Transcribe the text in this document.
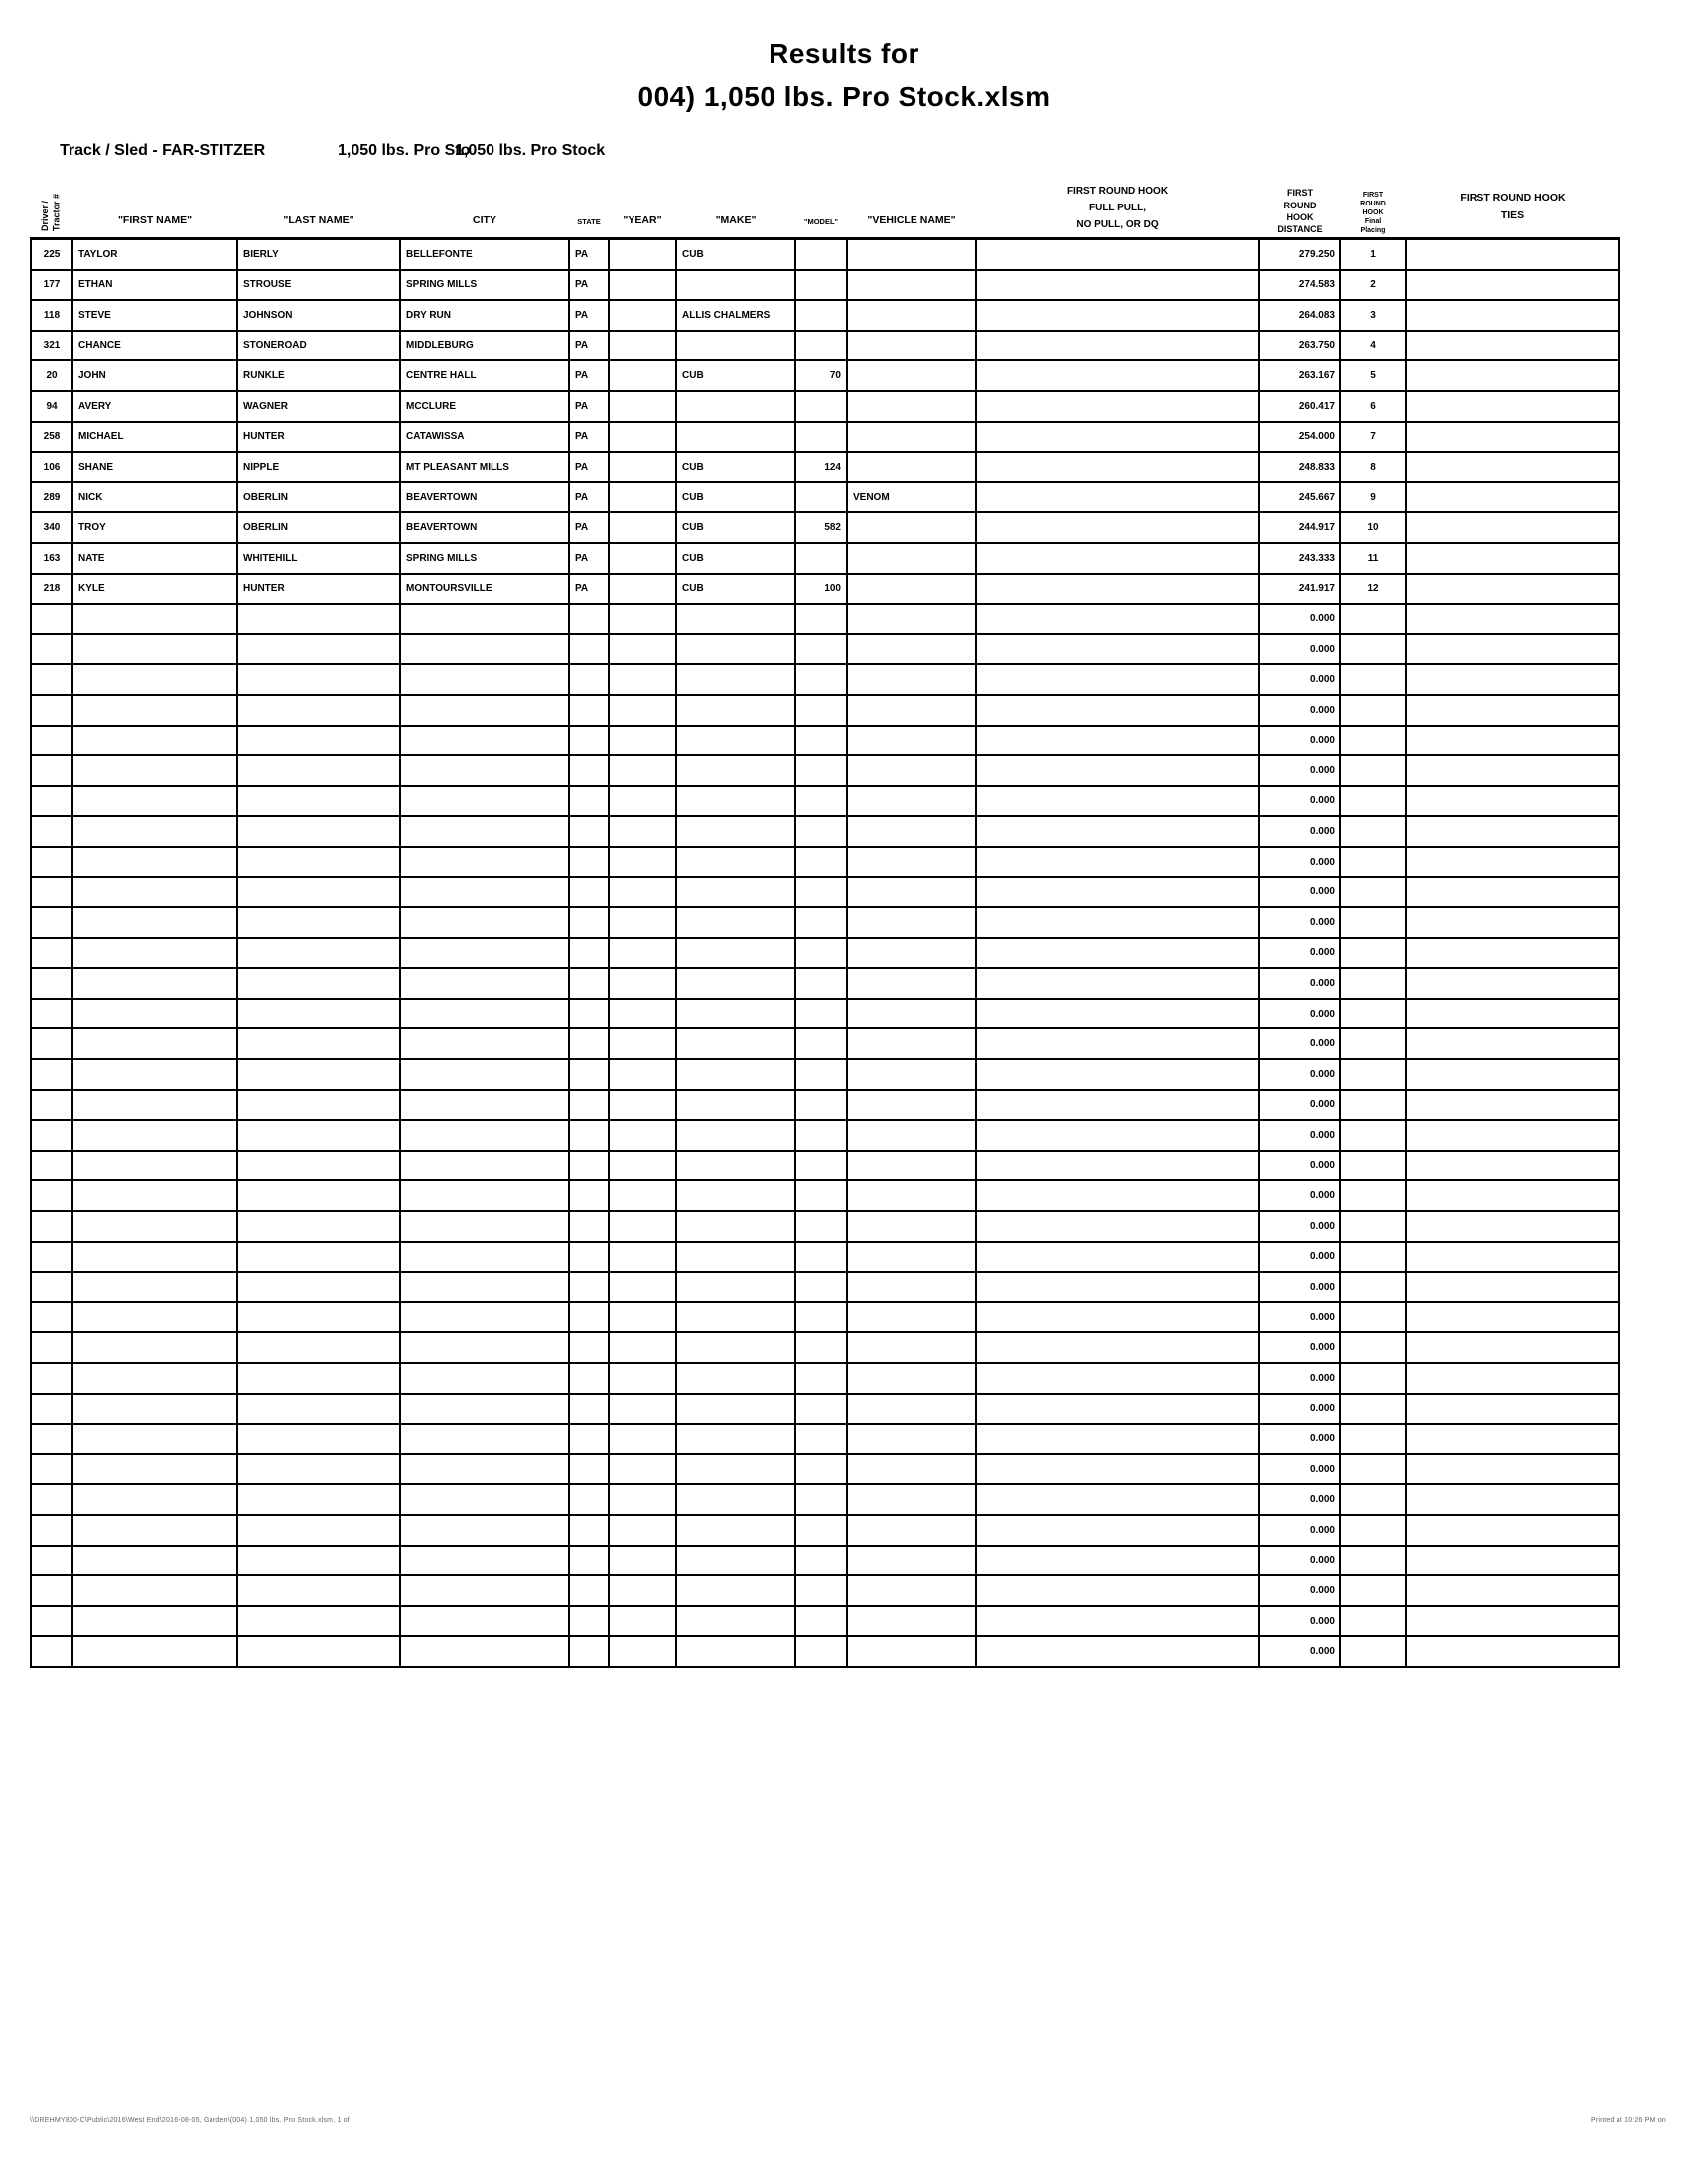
Results for
004) 1,050 lbs. Pro Stock.xlsm
Track / Sled - FAR-STITZER	1,050 lbs. Pro Sto1,050 lbs. Pro Stock
Driver /
Tractor #	"FIRST NAME"	"LAST NAME"	CITY	STATE	"YEAR"	"MAKE"	"MODEL"	"VEHICLE NAME"	FIRST ROUND HOOK
FULL PULL,
NO PULL, OR DQ	FIRST
ROUND
HOOK
DISTANCE	FIRST
ROUND
HOOK
Final
Placing	FIRST ROUND HOOK
TIES
225	TAYLOR	BIERLY	BELLEFONTE	PA		CUB				279.250	1	
177	ETHAN	STROUSE	SPRING MILLS	PA						274.583	2	
118	STEVE	JOHNSON	DRY RUN	PA		ALLIS CHALMERS				264.083	3	
321	CHANCE	STONEROAD	MIDDLEBURG	PA						263.750	4	
20	JOHN	RUNKLE	CENTRE HALL	PA		CUB	70			263.167	5	
94	AVERY	WAGNER	MCCLURE	PA						260.417	6	
258	MICHAEL	HUNTER	CATAWISSA	PA						254.000	7	
106	SHANE	NIPPLE	MT PLEASANT MILLS	PA		CUB	124			248.833	8	
289	NICK	OBERLIN	BEAVERTOWN	PA		CUB		VENOM		245.667	9	
340	TROY	OBERLIN	BEAVERTOWN	PA		CUB	582			244.917	10	
163	NATE	WHITEHILL	SPRING MILLS	PA		CUB				243.333	11	
218	KYLE	HUNTER	MONTOURSVILLE	PA		CUB	100			241.917	12	
										0.000		
										0.000		
										0.000		
										0.000		
										0.000		
										0.000		
										0.000		
										0.000		
										0.000		
										0.000		
										0.000		
										0.000		
										0.000		
										0.000		
										0.000		
										0.000		
										0.000		
										0.000		
										0.000		
										0.000		
										0.000		
										0.000		
										0.000		
										0.000		
										0.000		
										0.000		
										0.000		
										0.000		
										0.000		
										0.000		
										0.000		
										0.000		
										0.000		
										0.000		
										0.000		
\\DREHMY800-C\Public\2016\West End\2016-08-05, Garden\(004) 1,050 lbs. Pro Stock.xlsm, 1 of	Printed at 10:26 PM on
